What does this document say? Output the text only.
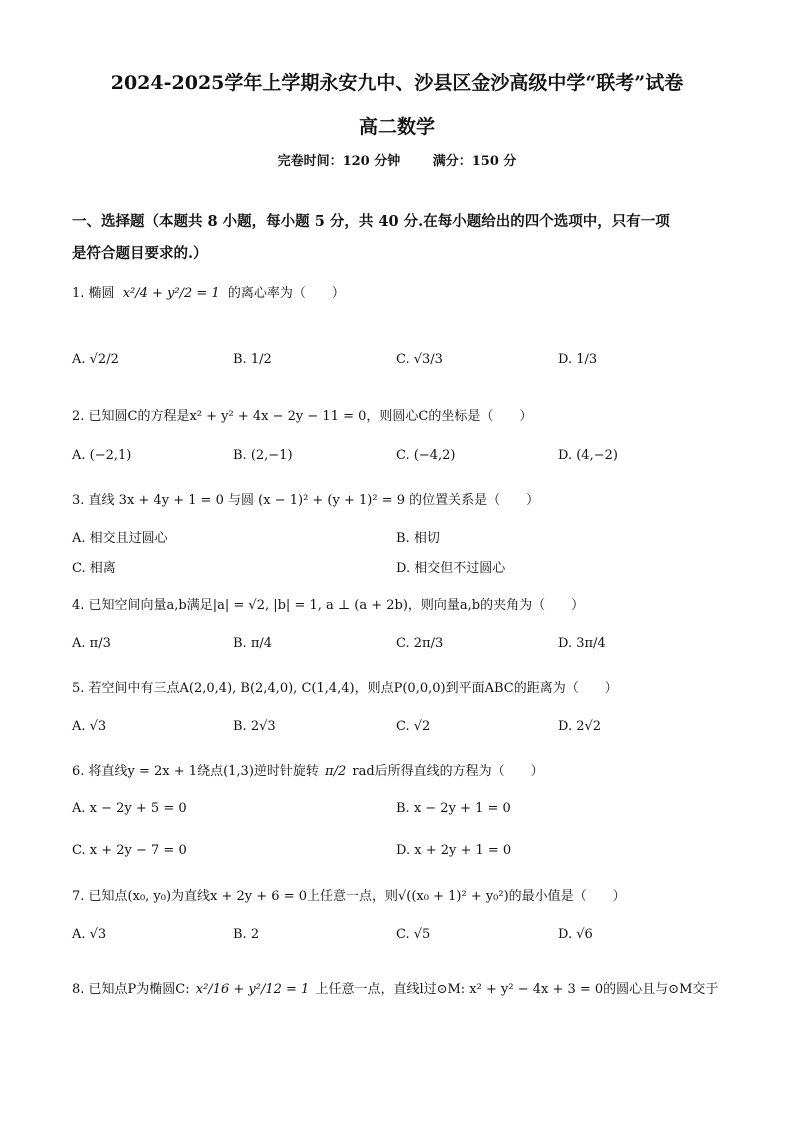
2024-2025学年上学期永安九中、沙县区金沙高级中学“联考”试卷
高二数学
完卷时间：120 分钟	满分：150 分
一、选择题（本题共 8 小题，每小题 5 分，共 40 分.在每小题给出的四个选项中，只有一项
是符合题目要求的.）
1. 椭圆 x²/4 + y²/2 = 1 的离心率为（　　）
A. √2/2	B. 1/2	C. √3/3	D. 1/3
2. 已知圆C的方程是x² + y² + 4x − 2y − 11 = 0，则圆心C的坐标是（　　）
A. (−2,1)	B. (2,−1)	C. (−4,2)	D. (4,−2)
3. 直线 3x + 4y + 1 = 0 与圆 (x − 1)² + (y + 1)² = 9 的位置关系是（　　）
A. 相交且过圆心	B. 相切
C. 相离	D. 相交但不过圆心
4. 已知空间向量a,b满足|a| = √2, |b| = 1, a ⊥ (a + 2b)，则向量a,b的夹角为（　　）
A. π/3	B. π/4	C. 2π/3	D. 3π/4
5. 若空间中有三点A(2,0,4), B(2,4,0), C(1,4,4)，则点P(0,0,0)到平面ABC的距离为（　　）
A. √3	B. 2√3	C. √2	D. 2√2
6. 将直线y = 2x + 1绕点(1,3)逆时针旋转 π/2 rad后所得直线的方程为（　　）
A. x − 2y + 5 = 0	B. x − 2y + 1 = 0
C. x + 2y − 7 = 0	D. x + 2y + 1 = 0
7. 已知点(x₀, y₀)为直线x + 2y + 6 = 0上任意一点，则√((x₀ + 1)² + y₀²)的最小值是（　　）
A. √3	B. 2	C. √5	D. √6
8. 已知点P为椭圆C: x²/16 + y²/12 = 1 上任意一点，直线l过⊙M: x² + y² − 4x + 3 = 0的圆心且与⊙M交于
